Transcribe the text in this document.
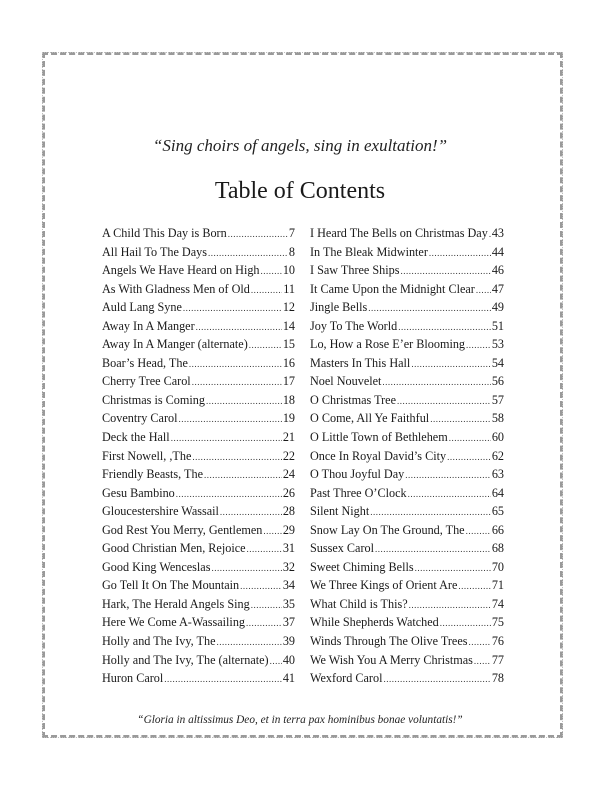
“Sing choirs of angels, sing in exultation!”
Table of Contents
A Child This Day is Born .....	7
All Hail To The Days .....	8
Angels We Have Heard on High ..... 10
As With Gladness Men of Old .....	11
Auld Lang Syne .....	12
Away In A Manger .....	14
Away In A Manger (alternate) .....	15
Boar’s Head, The .....	16
Cherry Tree Carol .....	17
Christmas is Coming .....	18
Coventry Carol .....	19
Deck the Hall .....	21
First Nowell, ,The .....	22
Friendly Beasts, The .....	24
Gesu Bambino .....	26
Gloucestershire Wassail .....	28
God Rest You Merry, Gentlemen ..... 29
Good Christian Men, Rejoice .....	31
Good King Wenceslas .....	32
Go Tell It On The Mountain .....	34
Hark, The Herald Angels Sing .....	35
Here We Come A-Wassailing .....	37
Holly and The Ivy, The .....	39
Holly and The Ivy, The (alternate) ..... 40
Huron Carol .....	41
I Heard The Bells on Christmas Day ..... 43
In The Bleak Midwinter .....	44
I Saw Three Ships .....	46
It Came Upon the Midnight Clear ..... 47
Jingle Bells .....	49
Joy To The World .....	51
Lo, How a Rose E’er Blooming ..... 53
Masters In This Hall .....	54
Noel Nouvelet .....	56
O Christmas Tree .....	57
O Come, All Ye Faithful .....	58
O Little Town of Bethlehem .....	60
Once In Royal David’s City .....	62
O Thou Joyful Day .....	63
Past Three O’Clock .....	64
Silent Night .....	65
Snow Lay On The Ground, The ..... 66
Sussex Carol .....	68
Sweet Chiming Bells .....	70
We Three Kings of Orient Are .....	71
What Child is This? .....	74
While Shepherds Watched .....	75
Winds Through The Olive Trees ..... 76
We Wish You A Merry Christmas ..... 77
Wexford Carol .....	78
“Gloria in altissimus Deo, et in terra pax hominibus bonae voluntatis!”
